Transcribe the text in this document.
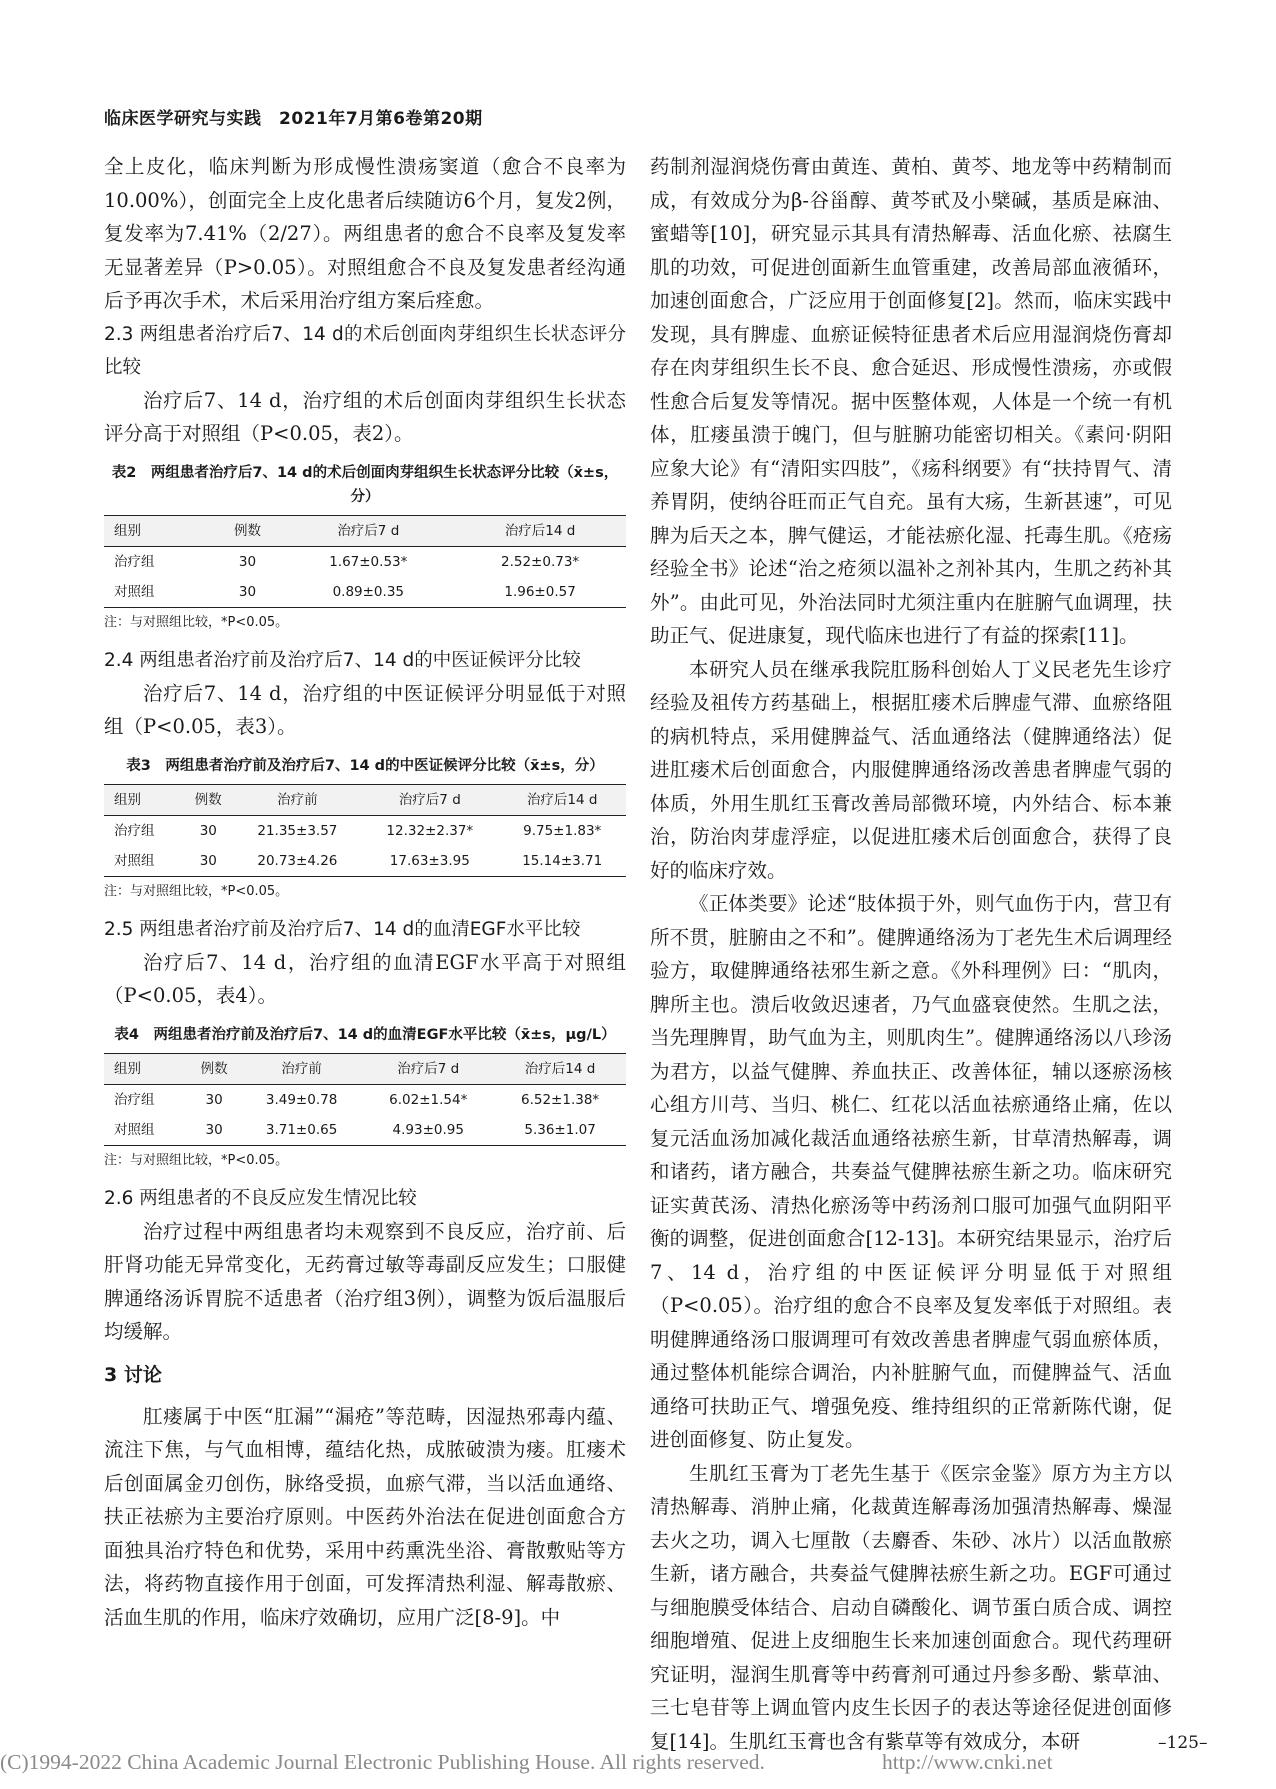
临床医学研究与实践　2021年7月第6卷第20期

全上皮化，临床判断为形成慢性溃疡窦道（愈合不良率为10.00%），创面完全上皮化患者后续随访6个月，复发2例，复发率为7.41%（2/27）。两组患者的愈合不良率及复发率无显著差异（P>0.05）。对照组愈合不良及复发患者经沟通后予再次手术，术后采用治疗组方案后痊愈。

2.3 两组患者治疗后7、14 d的术后创面肉芽组织生长状态评分比较

治疗后7、14 d，治疗组的术后创面肉芽组织生长状态评分高于对照组（P<0.05，表2）。

表2　两组患者治疗后7、14 d的术后创面肉芽组织生长状态评分比较（x̄±s，分）
组别	例数	治疗后7 d	治疗后14 d
治疗组	30	1.67±0.53*	2.52±0.73*
对照组	30	0.89±0.35	1.96±0.57
注：与对照组比较，*P<0.05。
2.4 两组患者治疗前及治疗后7、14 d的中医证候评分比较

治疗后7、14 d，治疗组的中医证候评分明显低于对照组（P<0.05，表3）。

表3　两组患者治疗前及治疗后7、14 d的中医证候评分比较（x̄±s，分）
组别	例数	治疗前	治疗后7 d	治疗后14 d
治疗组	30	21.35±3.57	12.32±2.37*	9.75±1.83*
对照组	30	20.73±4.26	17.63±3.95	15.14±3.71
注：与对照组比较，*P<0.05。
2.5 两组患者治疗前及治疗后7、14 d的血清EGF水平比较

治疗后7、14 d，治疗组的血清EGF水平高于对照组（P<0.05，表4）。

表4　两组患者治疗前及治疗后7、14 d的血清EGF水平比较（x̄±s，μg/L）
组别	例数	治疗前	治疗后7 d	治疗后14 d
治疗组	30	3.49±0.78	6.02±1.54*	6.52±1.38*
对照组	30	3.71±0.65	4.93±0.95	5.36±1.07
注：与对照组比较，*P<0.05。
2.6 两组患者的不良反应发生情况比较

治疗过程中两组患者均未观察到不良反应，治疗前、后肝肾功能无异常变化，无药膏过敏等毒副反应发生；口服健脾通络汤诉胃脘不适患者（治疗组3例），调整为饭后温服后均缓解。

3 讨论

肛瘘属于中医“肛漏”“漏疮”等范畴，因湿热邪毒内蕴、流注下焦，与气血相博，蕴结化热，成脓破溃为瘘。肛瘘术后创面属金刃创伤，脉络受损，血瘀气滞，当以活血通络、扶正祛瘀为主要治疗原则。中医药外治法在促进创面愈合方面独具治疗特色和优势，采用中药熏洗坐浴、膏散敷贴等方法，将药物直接作用于创面，可发挥清热利湿、解毒散瘀、活血生肌的作用，临床疗效确切，应用广泛[8-9]。中

药制剂湿润烧伤膏由黄连、黄柏、黄芩、地龙等中药精制而成，有效成分为β-谷甾醇、黄芩甙及小檗碱，基质是麻油、蜜蜡等[10]，研究显示其具有清热解毒、活血化瘀、祛腐生肌的功效，可促进创面新生血管重建，改善局部血液循环，加速创面愈合，广泛应用于创面修复[2]。然而，临床实践中发现，具有脾虚、血瘀证候特征患者术后应用湿润烧伤膏却存在肉芽组织生长不良、愈合延迟、形成慢性溃疡，亦或假性愈合后复发等情况。据中医整体观，人体是一个统一有机体，肛瘘虽溃于魄门，但与脏腑功能密切相关。《素问·阴阳应象大论》有“清阳实四肢”，《疡科纲要》有“扶持胃气、清养胃阴，使纳谷旺而正气自充。虽有大疡，生新甚速”，可见脾为后天之本，脾气健运，才能祛瘀化湿、托毒生肌。《疮疡经验全书》论述“治之疮须以温补之剂补其内，生肌之药补其外”。由此可见，外治法同时尤须注重内在脏腑气血调理，扶助正气、促进康复，现代临床也进行了有益的探索[11]。

本研究人员在继承我院肛肠科创始人丁义民老先生诊疗经验及祖传方药基础上，根据肛瘘术后脾虚气滞、血瘀络阻的病机特点，采用健脾益气、活血通络法（健脾通络法）促进肛瘘术后创面愈合，内服健脾通络汤改善患者脾虚气弱的体质，外用生肌红玉膏改善局部微环境，内外结合、标本兼治，防治肉芽虚浮症，以促进肛瘘术后创面愈合，获得了良好的临床疗效。

《正体类要》论述“肢体损于外，则气血伤于内，营卫有所不贯，脏腑由之不和”。健脾通络汤为丁老先生术后调理经验方，取健脾通络祛邪生新之意。《外科理例》曰：“肌肉，脾所主也。溃后收敛迟速者，乃气血盛衰使然。生肌之法，当先理脾胃，助气血为主，则肌肉生”。健脾通络汤以八珍汤为君方，以益气健脾、养血扶正、改善体征，辅以逐瘀汤核心组方川芎、当归、桃仁、红花以活血祛瘀通络止痛，佐以复元活血汤加减化裁活血通络祛瘀生新，甘草清热解毒，调和诸药，诸方融合，共奏益气健脾祛瘀生新之功。临床研究证实黄芪汤、清热化瘀汤等中药汤剂口服可加强气血阴阳平衡的调整，促进创面愈合[12-13]。本研究结果显示，治疗后7、14 d，治疗组的中医证候评分明显低于对照组（P<0.05）。治疗组的愈合不良率及复发率低于对照组。表明健脾通络汤口服调理可有效改善患者脾虚气弱血瘀体质，通过整体机能综合调治，内补脏腑气血，而健脾益气、活血通络可扶助正气、增强免疫、维持组织的正常新陈代谢，促进创面修复、防止复发。

生肌红玉膏为丁老先生基于《医宗金鉴》原方为主方以清热解毒、消肿止痛，化裁黄连解毒汤加强清热解毒、燥湿去火之功，调入七厘散（去麝香、朱砂、冰片）以活血散瘀生新，诸方融合，共奏益气健脾祛瘀生新之功。EGF可通过与细胞膜受体结合、启动自磷酸化、调节蛋白质合成、调控细胞增殖、促进上皮细胞生长来加速创面愈合。现代药理研究证明，湿润生肌膏等中药膏剂可通过丹参多酚、紫草油、三七皂苷等上调血管内皮生长因子的表达等途径促进创面修复[14]。生肌红玉膏也含有紫草等有效成分，本研	–125–
(C)1994-2022 China Academic Journal Electronic Publishing House. All rights reserved.	http://www.cnki.net
